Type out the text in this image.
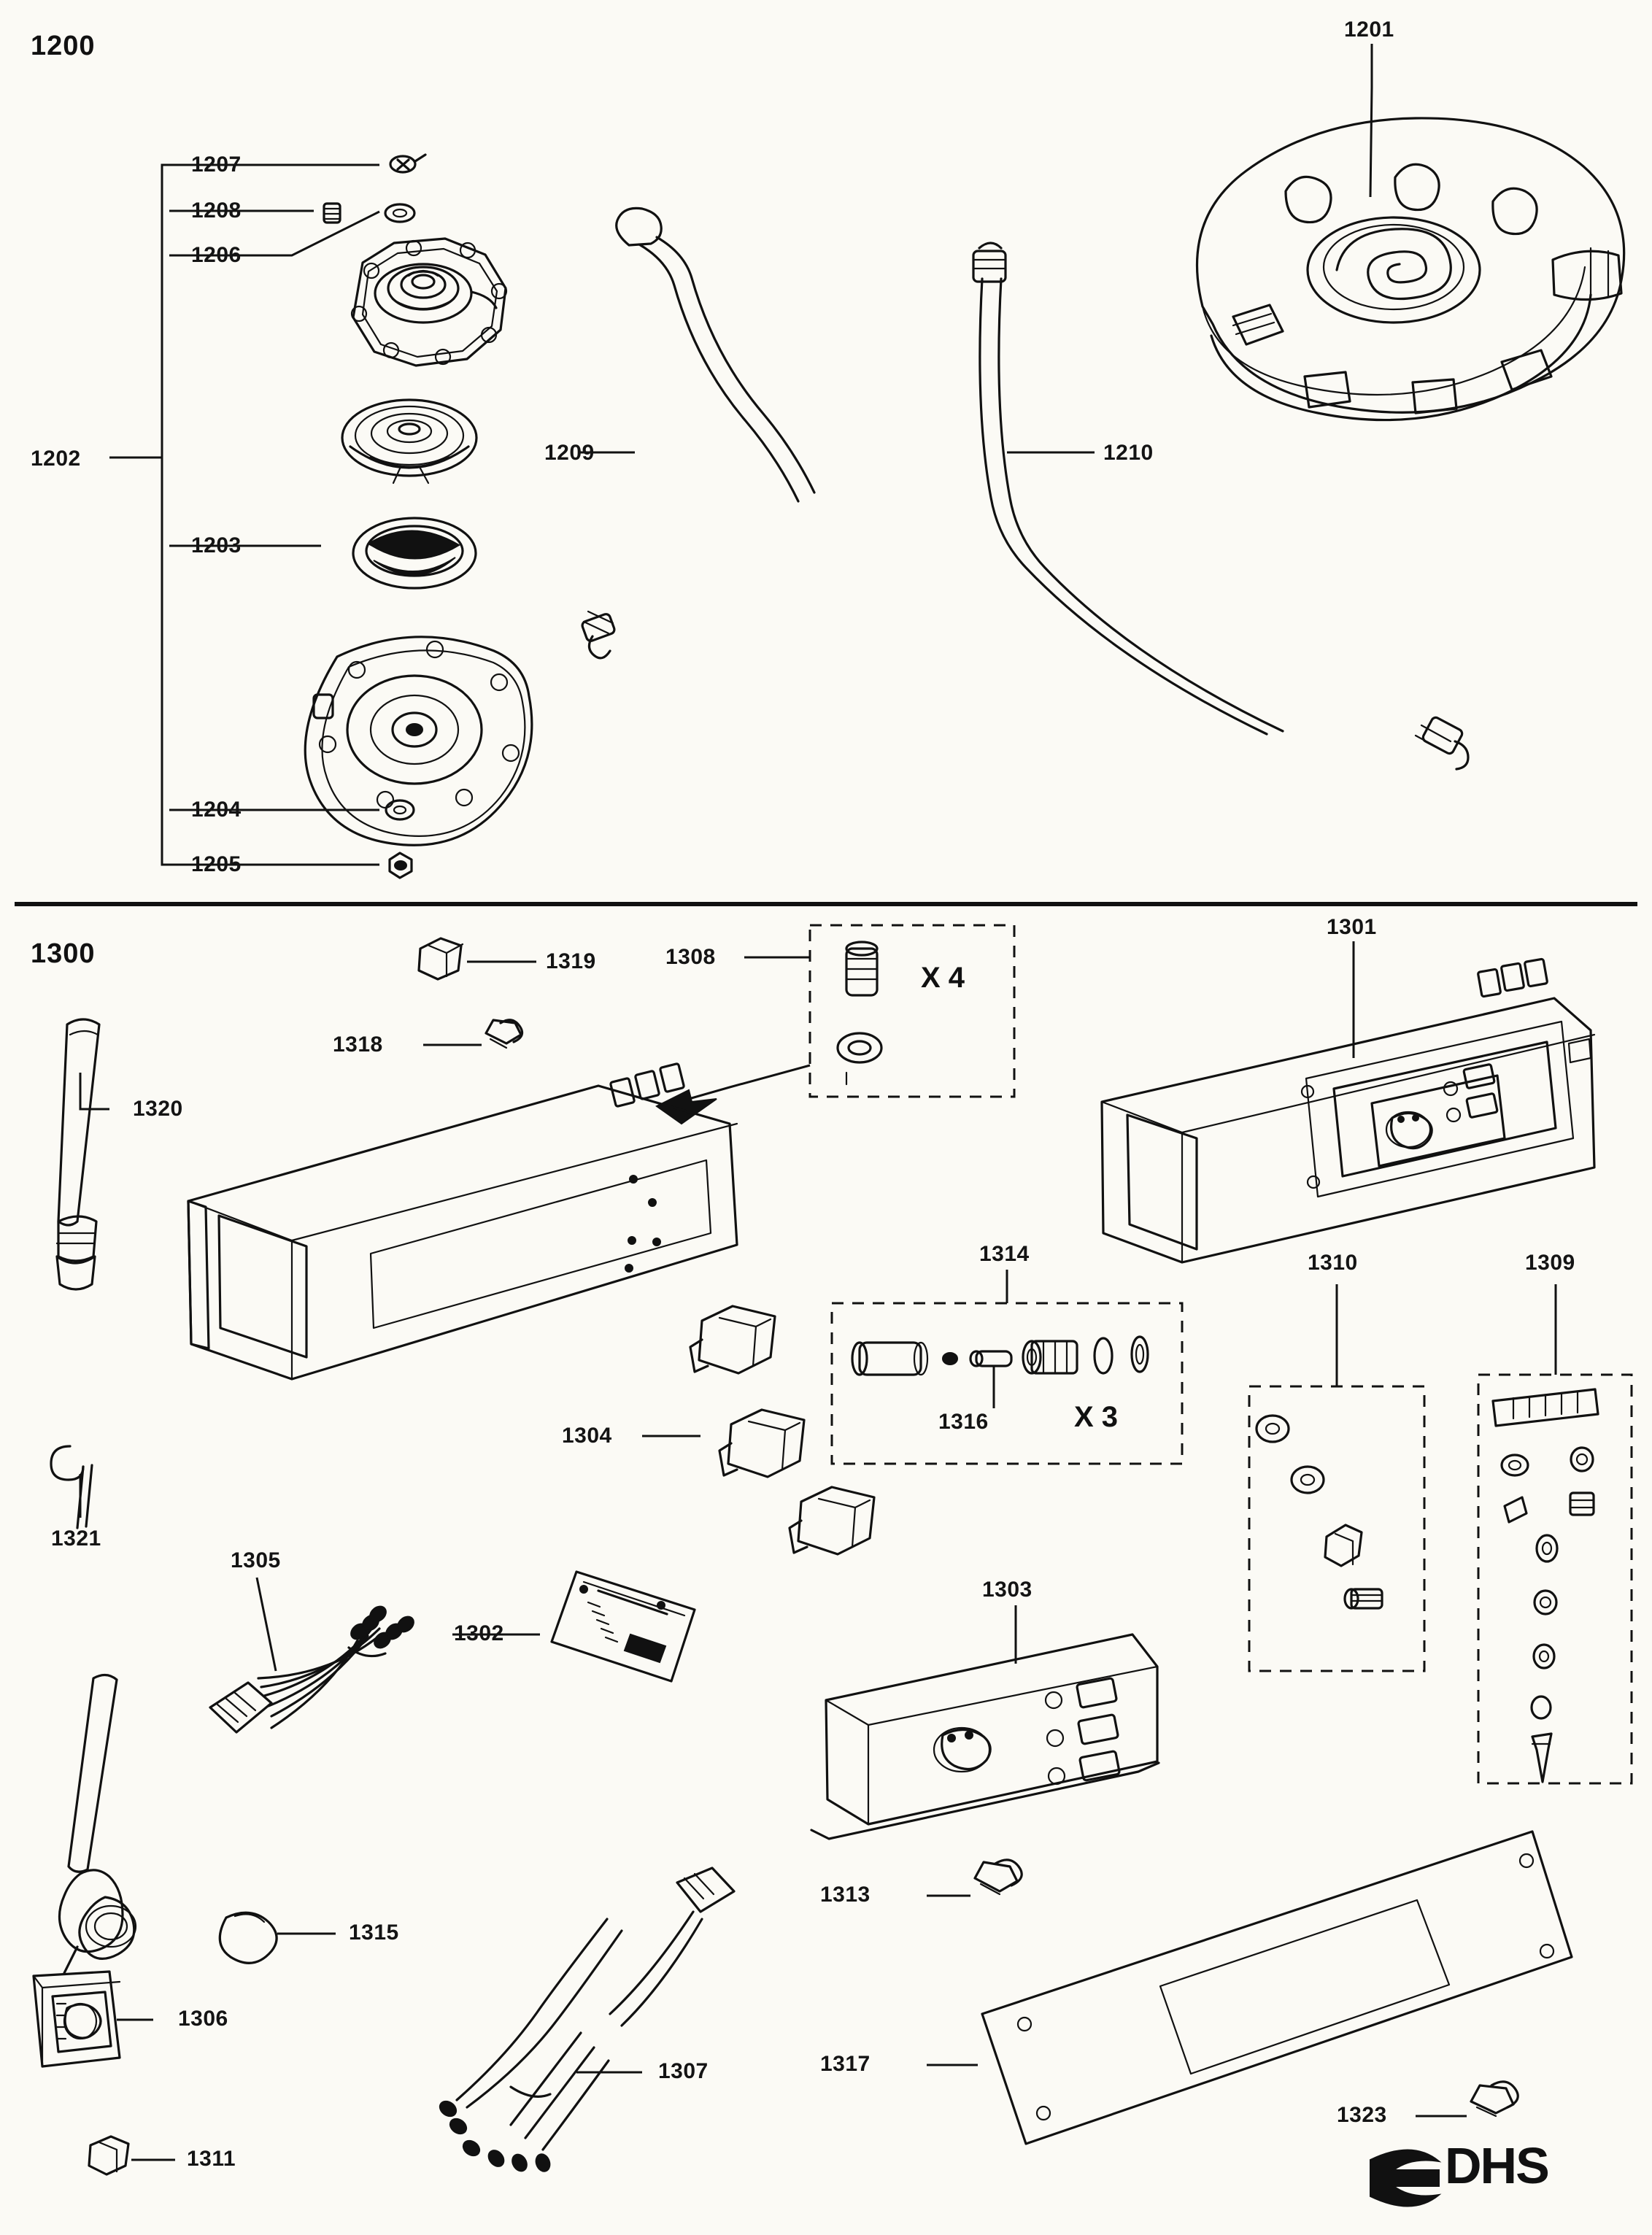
1200
1300
1202
1207
1208
1206
1203
1204
1205
1209	1210
1201
1319
1318
1320
1308
1301
1314
1316
1310	1309
1304
1321
1305
1302
1303
1315
1306
1307
1313
1317
1311
1323
X 4
X 3
DHS
